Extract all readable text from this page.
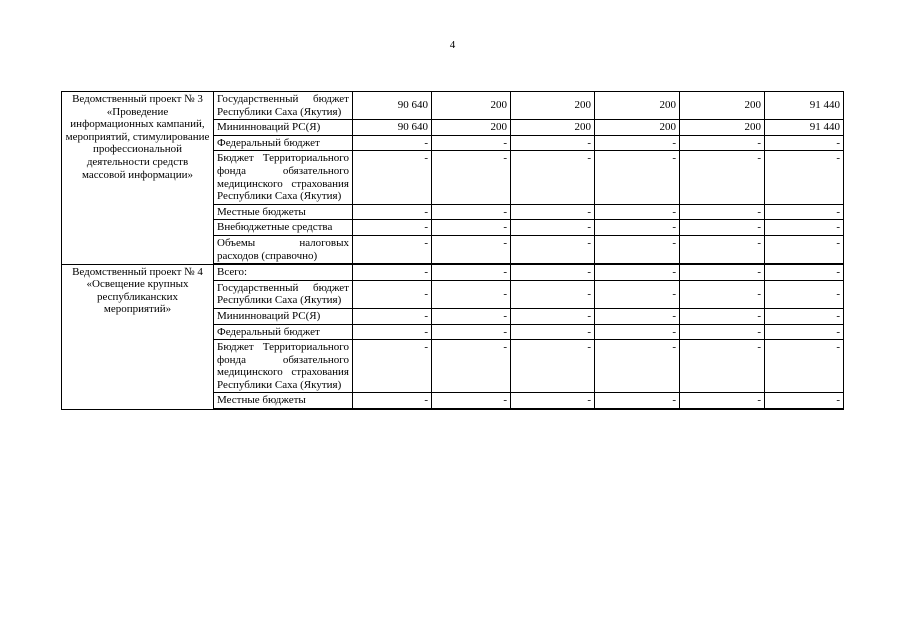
4
Ведомственный проект № 3 «Проведение информационных кампаний, мероприятий, стимулирование профессиональной деятельности средств массовой информации»	Государственный бюджет Республики Саха (Якутия)	90 640	200	200	200	200	91 440
	Мининноваций РС(Я)	90 640	200	200	200	200	91 440
	Федеральный бюджет	-	-	-	-	-	-
	Бюджет Территориального фонда обязательного медицинского страхования Республики Саха (Якутия)	-	-	-	-	-	-
	Местные бюджеты	-	-	-	-	-	-
	Внебюджетные средства	-	-	-	-	-	-
	Объемы налоговых расходов (справочно)	-	-	-	-	-	-
Ведомственный проект № 4 «Освещение крупных республиканских мероприятий»	Всего:	-	-	-	-	-	-
	Государственный бюджет Республики Саха (Якутия)	-	-	-	-	-	-
	Мининноваций РС(Я)	-	-	-	-	-	-
	Федеральный бюджет	-	-	-	-	-	-
	Бюджет Территориального фонда обязательного медицинского страхования Республики Саха (Якутия)	-	-	-	-	-	-
	Местные бюджеты	-	-	-	-	-	-
